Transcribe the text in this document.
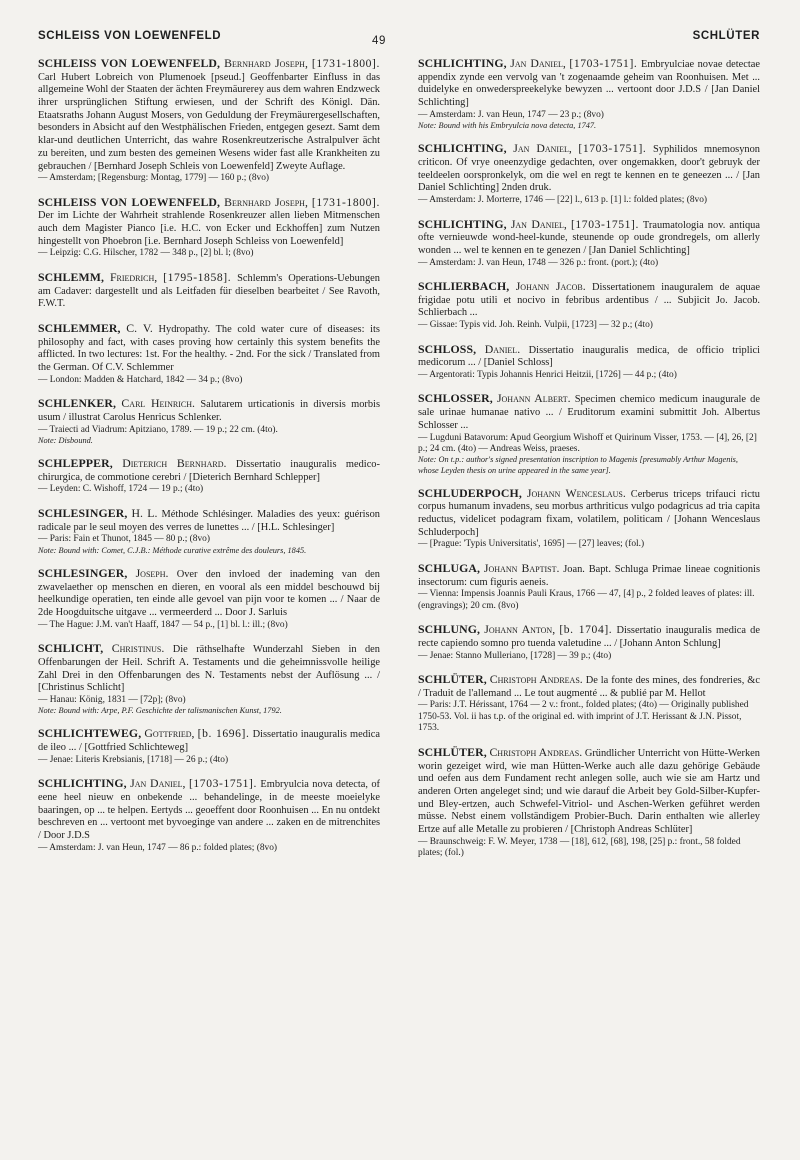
SCHLEISS VON LOEWENFELD	49	SCHLÜTER

SCHLEISS VON LOEWENFELD, Bernhard Joseph, [1731-1800]. Carl Hubert Lobreich von Plumenoek [pseud.] Geoffenbarter Einfluss in das allgemeine Wohl der Staaten der ächten Freymäurerey aus dem wahren Endzweck ihrer ursprünglichen Stiftung erwiesen, und der Schrift des Königl. Dän. Etaatsraths Johann August Mosers, von Geduldung der Freymäurergesellschaften, besonders in Absicht auf den Westphälischen Frieden, entgegen gesezt. Samt dem klar-und deutlichen Unterricht, das wahre Rosenkreutzerische Astralpulver ächt zu bereiten, und zum besten des gemeinen Wesens wider fast alle Krankheiten zu gebrauchen / [Bernhard Joseph Schleis von Loewenfeld] Zweyte Auflage.

— Amsterdam; [Regensburg: Montag, 1779] — 160 p.; (8vo)

SCHLEISS VON LOEWENFELD, Bernhard Joseph, [1731-1800]. Der im Lichte der Wahrheit strahlende Rosenkreuzer allen lieben Mitmenschen auch dem Magister Pianco [i.e. H.C. von Ecker und Eckhoffen] zum Nutzen hingestellt von Phoebron [i.e. Bernhard Joseph Schleiss von Loewenfeld]

— Leipzig: C.G. Hilscher, 1782 — 348 p., [2] bl. l; (8vo)

SCHLEMM, Friedrich, [1795-1858]. Schlemm's Operations-Uebungen am Cadaver: dargestellt und als Leitfaden für dieselben bearbeitet / See Ravoth, F.W.T.

SCHLEMMER, C. V. Hydropathy. The cold water cure of diseases: its philosophy and fact, with cases proving how certainly this system benefits the afflicted. In two lectures: 1st. For the healthy. - 2nd. For the sick / Translated from the German. Of C.V. Schlemmer

— London: Madden & Hatchard, 1842 — 34 p.; (8vo)

SCHLENKER, Carl Heinrich. Salutarem urticationis in diversis morbis usum / illustrat Carolus Henricus Schlenker.

— Traiecti ad Viadrum: Apitziano, 1789. — 19 p.; 22 cm. (4to).

Note: Disbound.

SCHLEPPER, Dieterich Bernhard. Dissertatio inauguralis medico-chirurgica, de commotione cerebri / [Dieterich Bernhard Schlepper]

— Leyden: C. Wishoff, 1724 — 19 p.; (4to)

SCHLESINGER, H. L. Méthode Schlésinger. Maladies des yeux: guérison radicale par le seul moyen des verres de lunettes ... / [H.L. Schlesinger]

— Paris: Fain et Thunot, 1845 — 80 p.; (8vo)

Note: Bound with: Comet, C.J.B.: Méthode curative extrême des douleurs, 1845.

SCHLESINGER, Joseph. Over den invloed der inademing van den zwavelaether op menschen en dieren, en vooral als een middel beschouwd bij heelkundige operatien, ten einde alle gevoel van pijn voor te komen ... / Naar de 2de Hoogduitsche uitgave ... vermeerderd ... Door J. Sarluis

— The Hague: J.M. van't Haaff, 1847 — 54 p., [1] bl. l.: ill.; (8vo)

SCHLICHT, Christinus. Die räthselhafte Wunderzahl Sieben in den Offenbarungen der Heil. Schrift A. Testaments und die geheimnissvolle heilige Zahl Drei in den Offenbarungen des N. Testaments nebst der Auflösung ... / [Christinus Schlicht]

— Hanau: König, 1831 — [72p]; (8vo)

Note: Bound with: Arpe, P.F. Geschichte der talismanischen Kunst, 1792.

SCHLICHTEWEG, Gottfried, [b. 1696]. Dissertatio inauguralis medica de ileo ... / [Gottfried Schlichteweg]

— Jenae: Literis Krebsianis, [1718] — 26 p.; (4to)

SCHLICHTING, Jan Daniel, [1703-1751]. Embryulcia nova detecta, of eene heel nieuw en onbekende ... behandelinge, in de meeste moeielyke baaringen, op ... te helpen. Eertyds ... geoeffent door Roonhuisen ... En nu ontdekt beschreven en ... vertoont met byvoeginge van andere ... zaken en de mitrenchites / Door J.D.S

— Amsterdam: J. van Heun, 1747 — 86 p.: folded plates; (8vo)

SCHLICHTING, Jan Daniel, [1703-1751]. Embryulciae novae detectae appendix zynde een vervolg van 't zogenaamde geheim van Roonhuisen. Met ... duidelyke en onwederspreekelyke bewyzen ... vertoont door J.D.S / [Jan Daniel Schlichting]

— Amsterdam: J. van Heun, 1747 — 23 p.; (8vo)

Note: Bound with his Embryulcia nova detecta, 1747.

SCHLICHTING, Jan Daniel, [1703-1751]. Syphilidos mnemosynon criticon. Of vrye oneenzydige gedachten, over ongemakken, door't gebruyk der teeldeelen oorspronkelyk, om die wel en regt te kennen en te geneezen ... / [Jan Daniel Schlichting] 2nden druk.

— Amsterdam: J. Morterre, 1746 — [22] l., 613 p. [1] l.: folded plates; (8vo)

SCHLICHTING, Jan Daniel, [1703-1751]. Traumatologia nov. antiqua ofte vernieuwde wond-heel-kunde, steunende op oude grondregels, om allerly wonden ... wel te kennen en te genezen / [Jan Daniel Schlichting]

— Amsterdam: J. van Heun, 1748 — 326 p.: front. (port.); (4to)

SCHLIERBACH, Johann Jacob. Dissertationem inauguralem de aquae frigidae potu utili et nocivo in febribus ardentibus / ... Subjicit Jo. Jacob. Schlierbach ...

— Gissae: Typis vid. Joh. Reinh. Vulpii, [1723] — 32 p.; (4to)

SCHLOSS, Daniel. Dissertatio inauguralis medica, de officio triplici medicorum ... / [Daniel Schloss]

— Argentorati: Typis Johannis Henrici Heitzii, [1726] — 44 p.; (4to)

SCHLOSSER, Johann Albert. Specimen chemico medicum inaugurale de sale urinae humanae nativo ... / Eruditorum examini submittit Joh. Albertus Schlosser ...

— Lugduni Batavorum: Apud Georgium Wishoff et Quirinum Visser, 1753. — [4], 26, [2] p.; 24 cm. (4to) — Andreas Weiss, praeses.

Note: On t.p.: author's signed presentation inscription to Magenis [presumably Arthur Magenis, whose Leyden thesis on urine appeared in the same year].

SCHLUDERPOCH, Johann Wenceslaus. Cerberus triceps trifauci rictu corpus humanum invadens, seu morbus arthriticus vulgo podagricus ad tria capita reductus, videlicet podagram fixam, volatilem, politicam / [Johann Wenceslaus Schluderpoch]

— [Prague: 'Typis Universitatis', 1695] — [27] leaves; (fol.)

SCHLUGA, Johann Baptist. Joan. Bapt. Schluga Primae lineae cognitionis insectorum: cum figuris aeneis.

— Vienna: Impensis Joannis Pauli Kraus, 1766 — 47, [4] p., 2 folded leaves of plates: ill. (engravings); 20 cm. (8vo)

SCHLUNG, Johann Anton, [b. 1704]. Dissertatio inauguralis medica de recte capiendo somno pro tuenda valetudine ... / [Johann Anton Schlung]

— Jenae: Stanno Mulleriano, [1728] — 39 p.; (4to)

SCHLÜTER, Christoph Andreas. De la fonte des mines, des fondreries, &c / Traduit de l'allemand ... Le tout augmenté ... & publié par M. Hellot

— Paris: J.T. Hérissant, 1764 — 2 v.: front., folded plates; (4to) — Originally published 1750-53. Vol. ii has t.p. of the original ed. with imprint of J.T. Herissant & J.N. Pissot, 1753.

SCHLÜTER, Christoph Andreas. Gründlicher Unterricht von Hütte-Werken worin gezeiget wird, wie man Hütten-Werke auch alle dazu gehörige Gebäude und oefen aus dem Fundament recht anlegen solle, auch wie sie am Hartz und anderen Orten angeleget sind; und wie darauf die Arbeit bey Gold-Silber-Kupfer- und Bley-ertzen, auch Schwefel-Vitriol- und Aschen-Werken geführet werden müsse. Nebst einem vollständigem Probier-Buch. Darin enthalten wie allerley Ertze auf alle Metalle zu probieren / [Christoph Andreas Schlüter]

— Braunschweig: F. W. Meyer, 1738 — [18], 612, [68], 198, [25] p.: front., 58 folded plates; (fol.)
